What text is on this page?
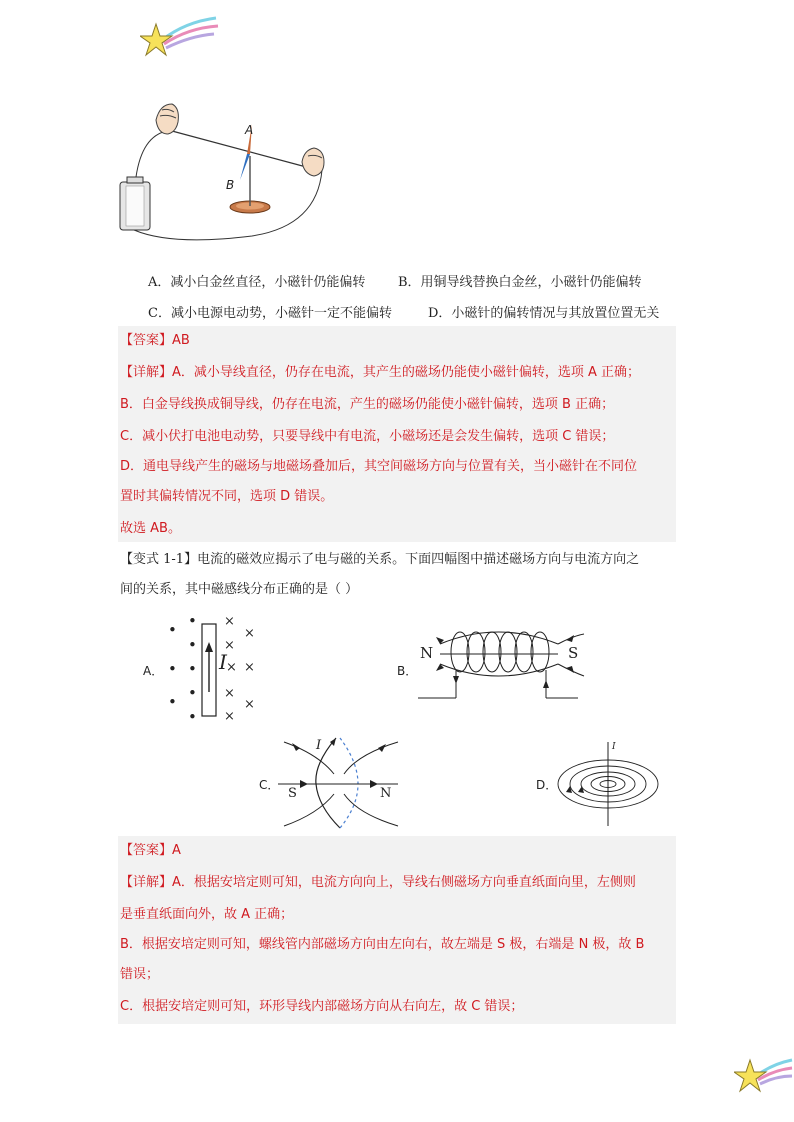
A
B
A．减小白金丝直径，小磁针仍能偏转	B．用铜导线替换白金丝，小磁针仍能偏转
C．减小电源电动势，小磁针一定不能偏转	D．小磁针的偏转情况与其放置位置无关
【答案】AB
【详解】A．减小导线直径，仍存在电流，其产生的磁场仍能使小磁针偏转，选项 A 正确；
B．白金导线换成铜导线，仍存在电流，产生的磁场仍能使小磁针偏转，选项 B 正确；
C．减小伏打电池电动势，只要导线中有电流，小磁场还是会发生偏转，选项 C 错误；
D．通电导线产生的磁场与地磁场叠加后，其空间磁场方向与位置有关，当小磁针在不同位
置时其偏转情况不同，选项 D 错误。
故选 AB。
【变式 1-1】电流的磁效应揭示了电与磁的关系。下面四幅图中描述磁场方向与电流方向之
间的关系，其中磁感线分布正确的是（ ）
A．	I
•
•
•
• •
•
•
•
×
×
×
× ×
×
×
×
B．
N	S
C．
I
S	N
D．
I
【答案】A
【详解】A．根据安培定则可知，电流方向向上，导线右侧磁场方向垂直纸面向里，左侧则
是垂直纸面向外，故 A 正确；
B．根据安培定则可知，螺线管内部磁场方向由左向右，故左端是 S 极，右端是 N 极，故 B
错误；
C．根据安培定则可知，环形导线内部磁场方向从右向左，故 C 错误；
